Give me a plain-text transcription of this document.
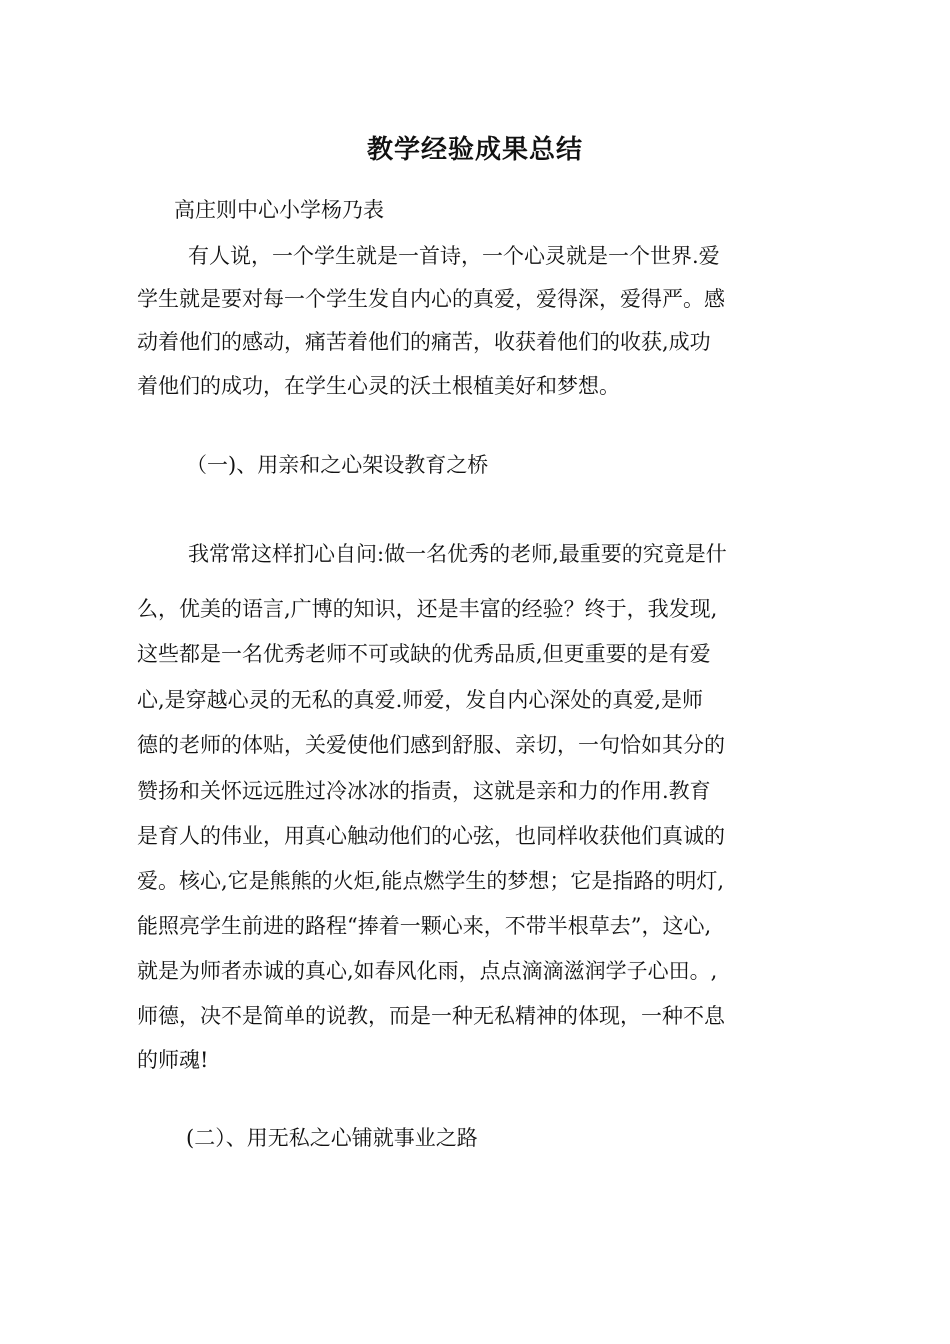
教学经验成果总结
高庄则中心小学杨乃表
有人说，一个学生就是一首诗，一个心灵就是一个世界.爱
学生就是要对每一个学生发自内心的真爱，爱得深，爱得严。感
动着他们的感动，痛苦着他们的痛苦，收获着他们的收获,成功
着他们的成功，在学生心灵的沃土根植美好和梦想。
（一)、用亲和之心架设教育之桥
我常常这样扪心自问:做一名优秀的老师,最重要的究竟是什
么，优美的语言,广博的知识，还是丰富的经验？终于，我发现,
这些都是一名优秀老师不可或缺的优秀品质,但更重要的是有爱
心,是穿越心灵的无私的真爱.师爱，发自内心深处的真爱,是师
德的老师的体贴，关爱使他们感到舒服、亲切，一句恰如其分的
赞扬和关怀远远胜过冷冰冰的指责，这就是亲和力的作用.教育
是育人的伟业，用真心触动他们的心弦，也同样收获他们真诚的
爱。核心,它是熊熊的火炬,能点燃学生的梦想；它是指路的明灯,
能照亮学生前进的路程“捧着一颗心来，不带半根草去”，这心,
就是为师者赤诚的真心,如春风化雨，点点滴滴滋润学子心田。,
师德，决不是简单的说教，而是一种无私精神的体现，一种不息
的师魂!
(二）、用无私之心铺就事业之路
